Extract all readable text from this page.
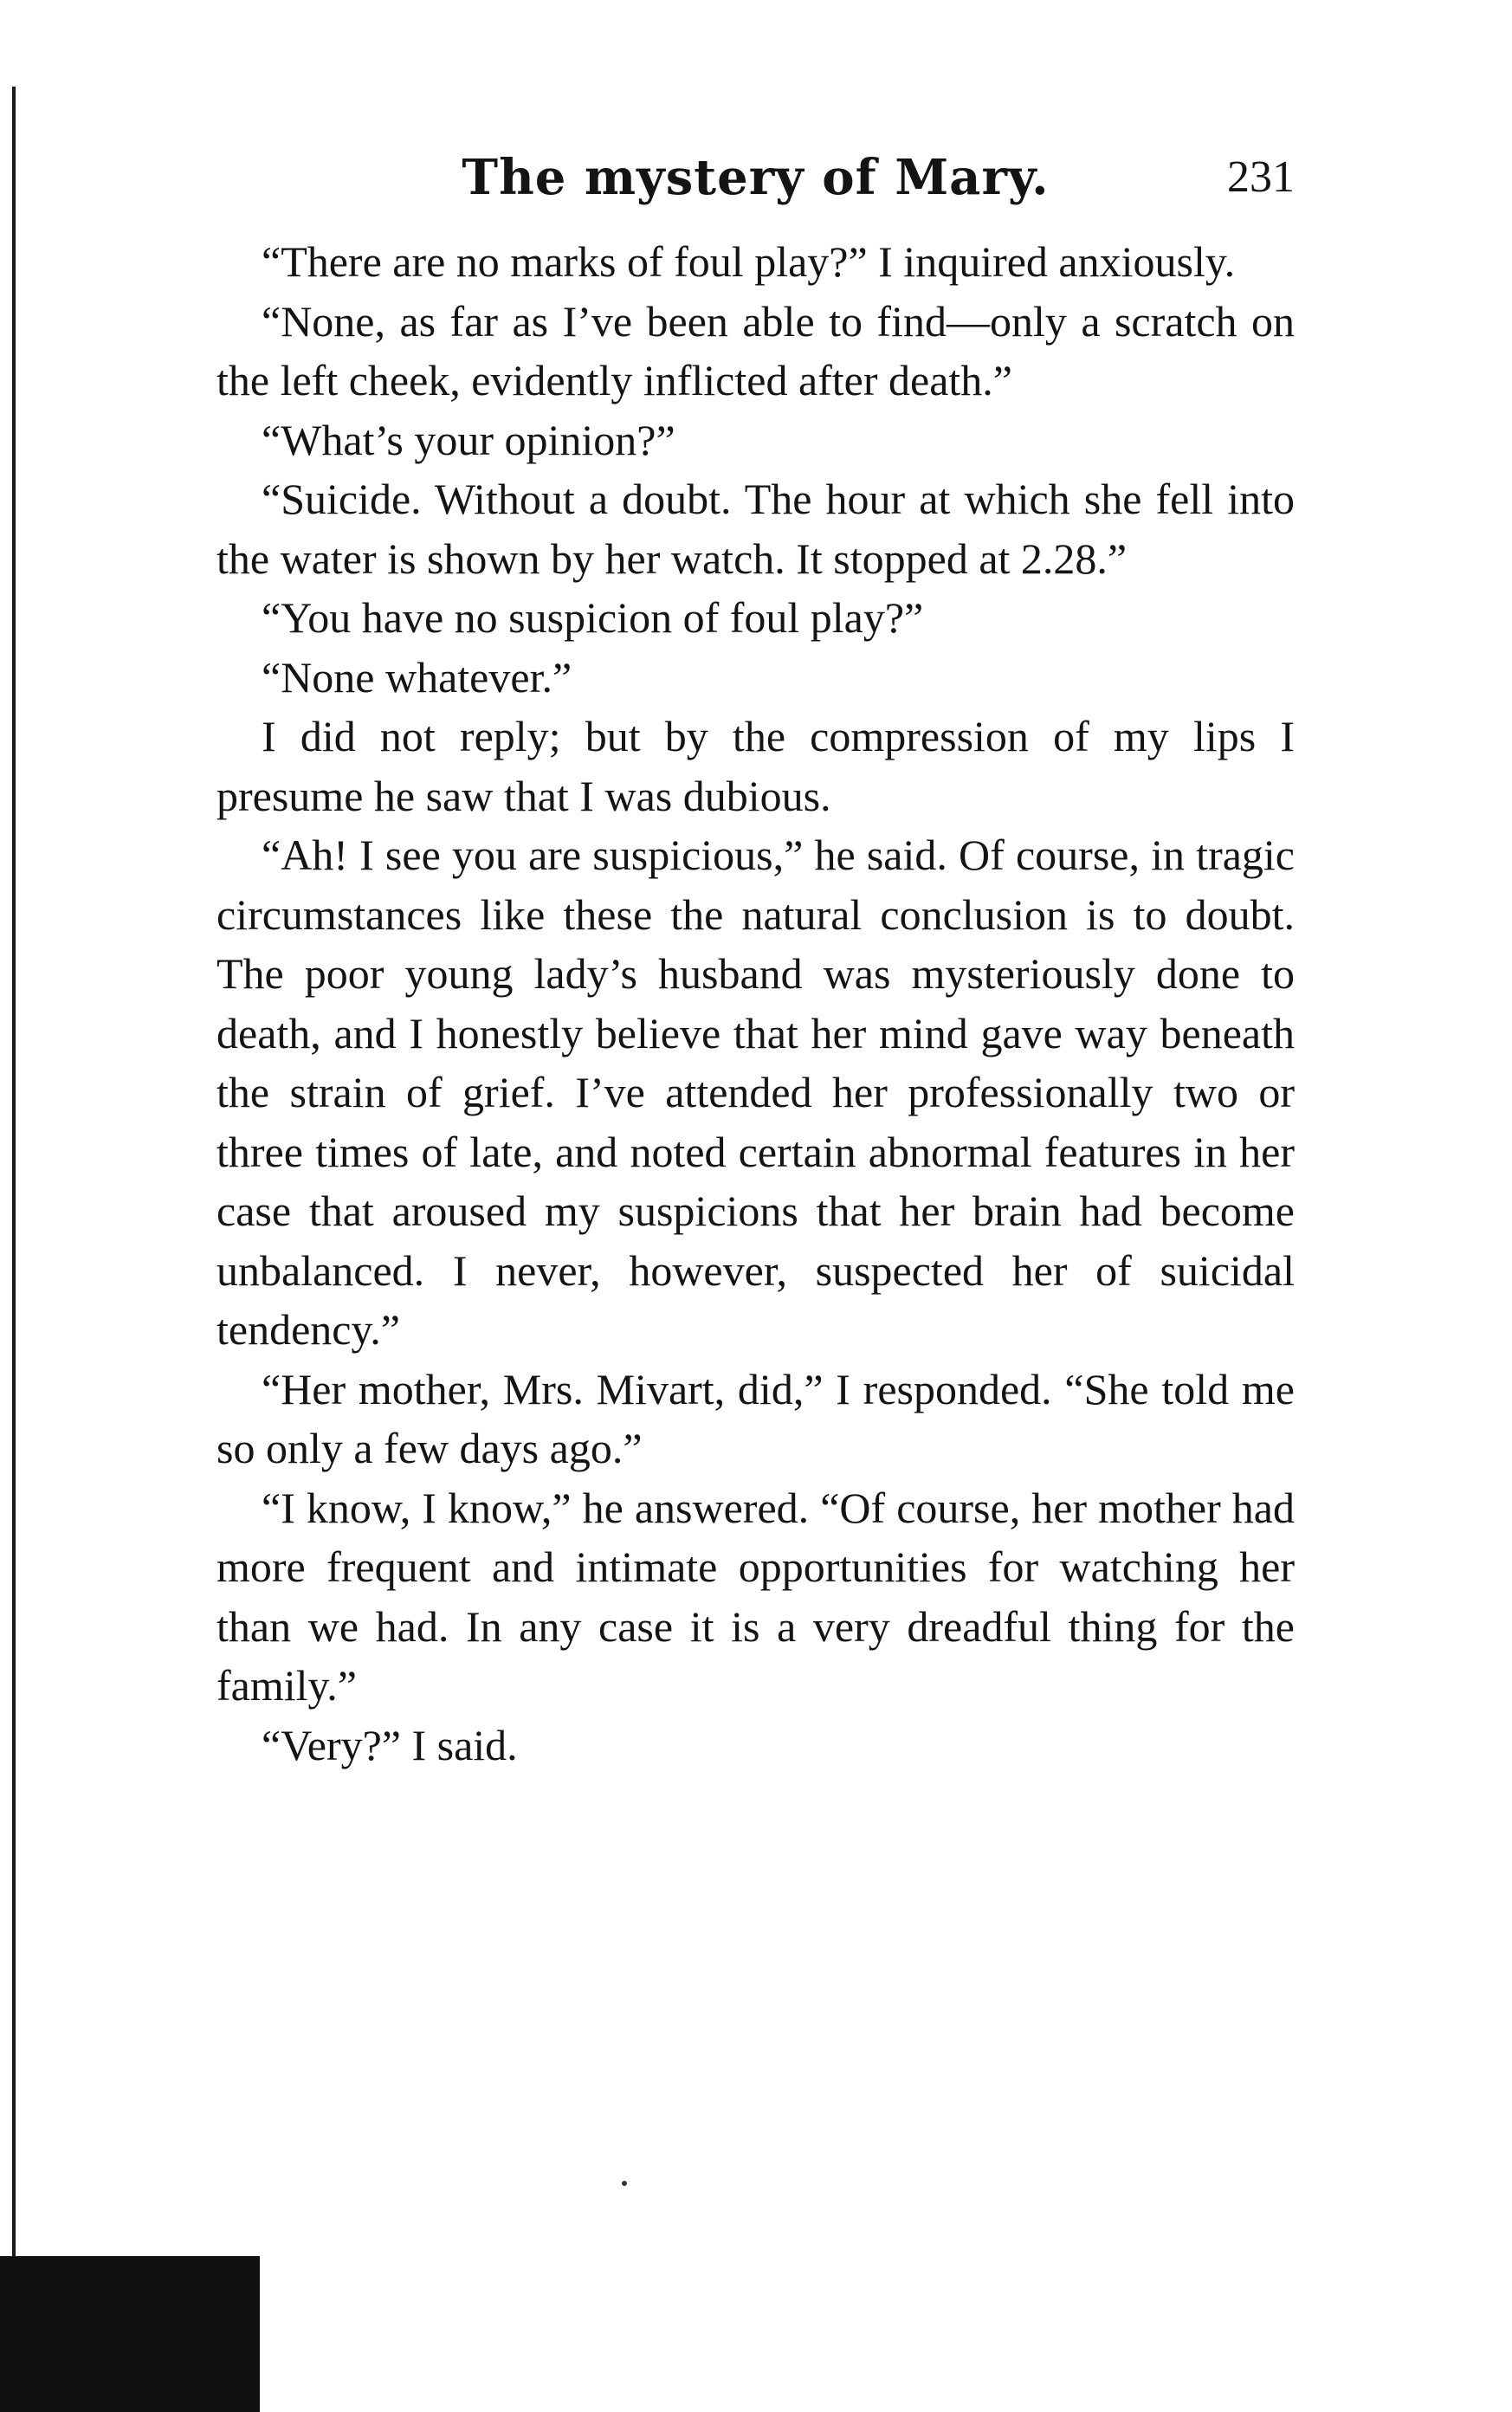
The mystery of Mary.	231

“There are no marks of foul play?” I inquired anxiously.

“None, as far as I’ve been able to find—only a scratch on the left cheek, evidently inflicted after death.”

“What’s your opinion?”

“Suicide. Without a doubt. The hour at which she fell into the water is shown by her watch. It stopped at 2.28.”

“You have no suspicion of foul play?”

“None whatever.”

I did not reply; but by the compression of my lips I presume he saw that I was dubious.

“Ah! I see you are suspicious,” he said. Of course, in tragic circumstances like these the natural conclusion is to doubt. The poor young lady’s husband was mysteriously done to death, and I honestly believe that her mind gave way beneath the strain of grief. I’ve attended her professionally two or three times of late, and noted certain abnormal features in her case that aroused my suspicions that her brain had become unbalanced. I never, however, suspected her of suicidal tendency.”

“Her mother, Mrs. Mivart, did,” I responded. “She told me so only a few days ago.”

“I know, I know,” he answered. “Of course, her mother had more frequent and intimate opportunities for watching her than we had. In any case it is a very dreadful thing for the family.”

“Very?” I said.
